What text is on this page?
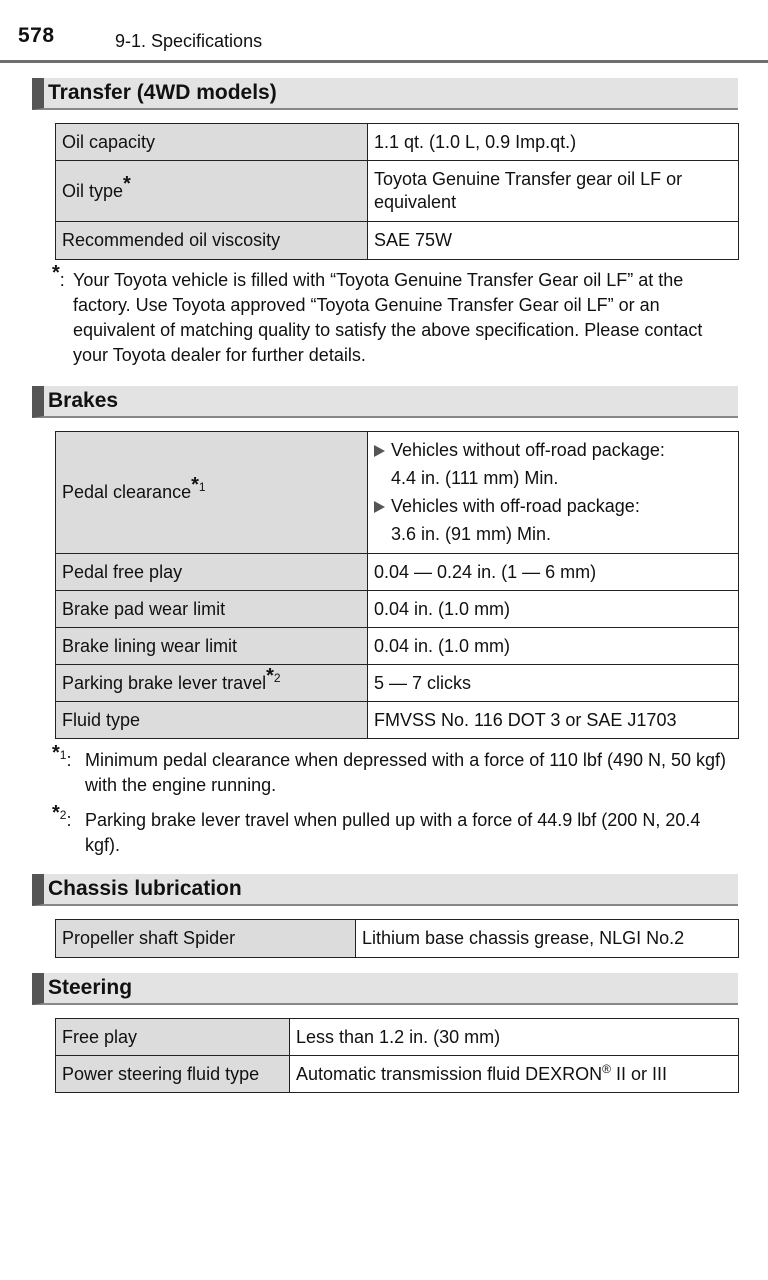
578	9-1. Specifications
Transfer (4WD models)
Oil capacity	1.1 qt. (1.0 L, 0.9 Imp.qt.)
Oil type*	Toyota Genuine Transfer gear oil LF or equivalent
Recommended oil viscosity	SAE 75W
*: Your Toyota vehicle is filled with “Toyota Genuine Transfer Gear oil LF” at the factory. Use Toyota approved “Toyota Genuine Transfer Gear oil LF” or an equivalent of matching quality to satisfy the above specification. Please contact your Toyota dealer for further details.
Brakes
Pedal clearance$^{*1}$	Vehicles without off-road package:
4.4 in. (111 mm) Min.
Vehicles with off-road package:
3.6 in. (91 mm) Min.

Pedal free play	0.04 — 0.24 in. (1 — 6 mm)
Brake pad wear limit	0.04 in. (1.0 mm)
Brake lining wear limit	0.04 in. (1.0 mm)
Parking brake lever travel$^{*2}$	5 — 7 clicks
Fluid type	FMVSS No. 116 DOT 3 or SAE J1703
$^{*1}$: Minimum pedal clearance when depressed with a force of 110 lbf (490 N, 50 kgf) with the engine running.
$^{*2}$: Parking brake lever travel when pulled up with a force of 44.9 lbf (200 N, 20.4 kgf).
Chassis lubrication
Propeller shaft Spider	Lithium base chassis grease, NLGI No.2
Steering
Free play	Less than 1.2 in. (30 mm)
Power steering fluid type	Automatic transmission fluid DEXRON® II or III
